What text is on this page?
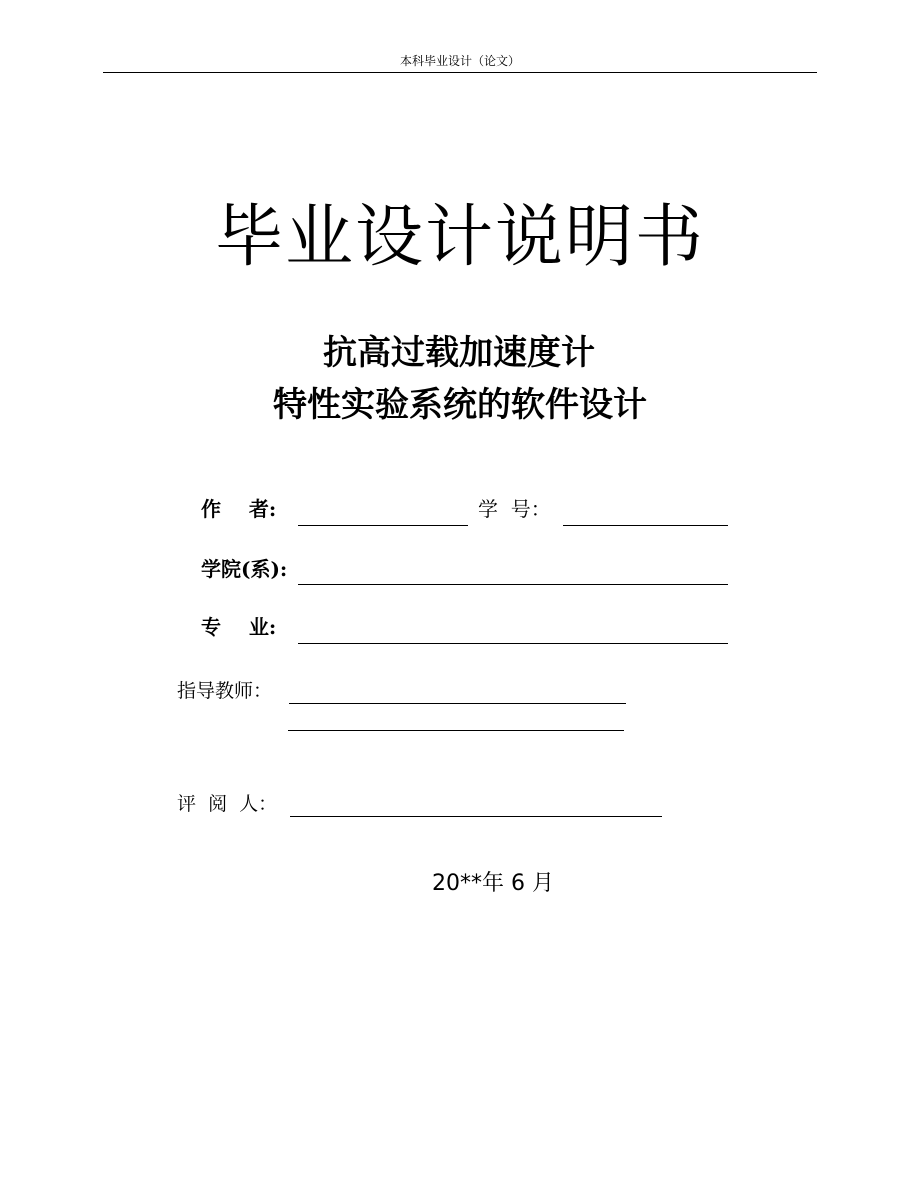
本科毕业设计（论文）
毕业设计说明书
抗高过载加速度计
特性实验系统的软件设计
作    者:	学  号：
学院(系):
专    业:
指导教师：
评  阅  人：
20**年 6 月
